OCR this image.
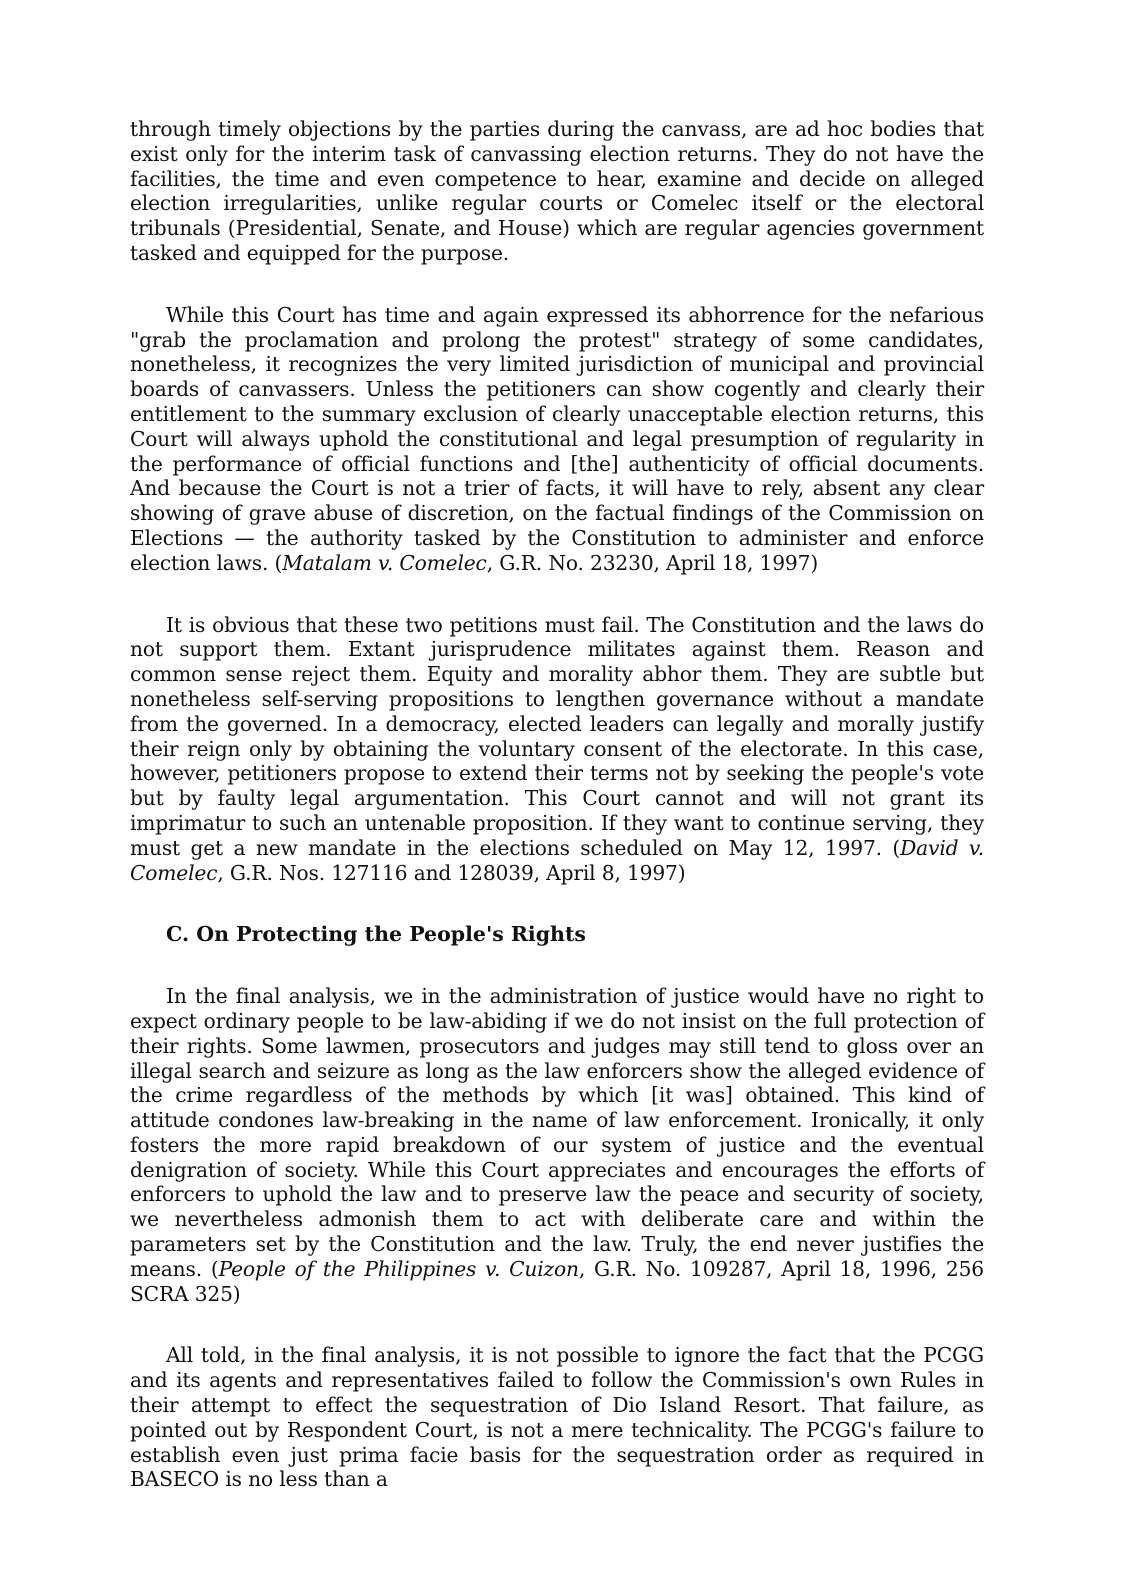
through timely objections by the parties during the canvass, are ad hoc bodies that exist only for the interim task of canvassing election returns. They do not have the facilities, the time and even competence to hear, examine and decide on alleged election irregularities, unlike regular courts or Comelec itself or the electoral tribunals (Presidential, Senate, and House) which are regular agencies government tasked and equipped for the purpose.

While this Court has time and again expressed its abhorrence for the nefarious "grab the proclamation and prolong the protest" strategy of some candidates, nonetheless, it recognizes the very limited jurisdiction of municipal and provincial boards of canvassers. Unless the petitioners can show cogently and clearly their entitlement to the summary exclusion of clearly unacceptable election returns, this Court will always uphold the constitutional and legal presumption of regularity in the performance of official functions and [the] authenticity of official documents. And because the Court is not a trier of facts, it will have to rely, absent any clear showing of grave abuse of discretion, on the factual findings of the Commission on Elections — the authority tasked by the Constitution to administer and enforce election laws. (Matalam v. Comelec, G.R. No. 23230, April 18, 1997)

It is obvious that these two petitions must fail. The Constitution and the laws do not support them. Extant jurisprudence militates against them. Reason and common sense reject them. Equity and morality abhor them. They are subtle but nonetheless self-serving propositions to lengthen governance without a mandate from the governed. In a democracy, elected leaders can legally and morally justify their reign only by obtaining the voluntary consent of the electorate. In this case, however, petitioners propose to extend their terms not by seeking the people's vote but by faulty legal argumentation. This Court cannot and will not grant its imprimatur to such an untenable proposition. If they want to continue serving, they must get a new mandate in the elections scheduled on May 12, 1997. (David v. Comelec, G.R. Nos. 127116 and 128039, April 8, 1997)

C. On Protecting the People's Rights

In the final analysis, we in the administration of justice would have no right to expect ordinary people to be law-abiding if we do not insist on the full protection of their rights. Some lawmen, prosecutors and judges may still tend to gloss over an illegal search and seizure as long as the law enforcers show the alleged evidence of the crime regardless of the methods by which [it was] obtained. This kind of attitude condones law-breaking in the name of law enforcement. Ironically, it only fosters the more rapid breakdown of our system of justice and the eventual denigration of society. While this Court appreciates and encourages the efforts of enforcers to uphold the law and to preserve law the peace and security of society, we nevertheless admonish them to act with deliberate care and within the parameters set by the Constitution and the law. Truly, the end never justifies the means. (People of the Philippines v. Cuizon, G.R. No. 109287, April 18, 1996, 256 SCRA 325)

All told, in the final analysis, it is not possible to ignore the fact that the PCGG and its agents and representatives failed to follow the Commission's own Rules in their attempt to effect the sequestration of Dio Island Resort. That failure, as pointed out by Respondent Court, is not a mere technicality. The PCGG's failure to establish even just prima facie basis for the sequestration order as required in BASECO is no less than a
